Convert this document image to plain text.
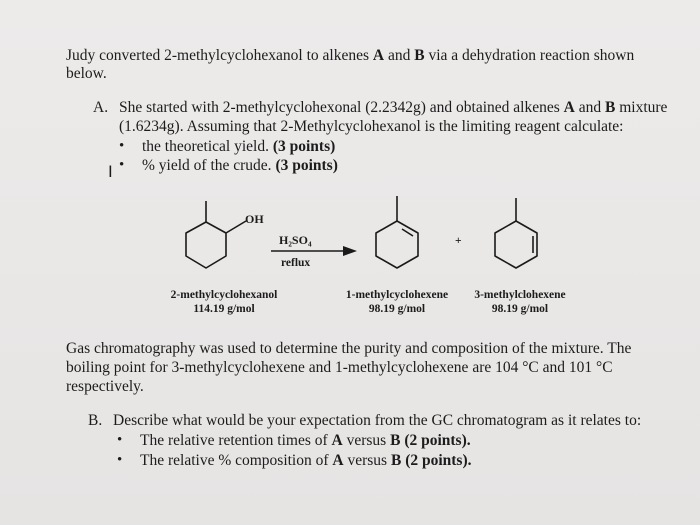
Judy converted 2-methylcyclohexanol to alkenes A and B via a dehydration reaction shown
below.
A. She started with 2-methylcyclohexonal (2.2342g) and obtained alkenes A and B mixture
(1.6234g). Assuming that 2-Methylcyclohexanol is the limiting reagent calculate:
• the theoretical yield. (3 points)
I • % yield of the crude. (3 points)
OH
H₂SO₄
reflux
+
2-methylcyclohexanol
114.19 g/mol
1-methylcyclohexene
98.19 g/mol
3-methylclohexene
98.19 g/mol
Gas chromatography was used to determine the purity and composition of the mixture. The
boiling point for 3-methylcyclohexene and 1-methylcyclohexene are 104 °C and 101 °C
respectively.
B. Describe what would be your expectation from the GC chromatogram as it relates to:
• The relative retention times of A versus B (2 points).
• The relative % composition of A versus B (2 points).
